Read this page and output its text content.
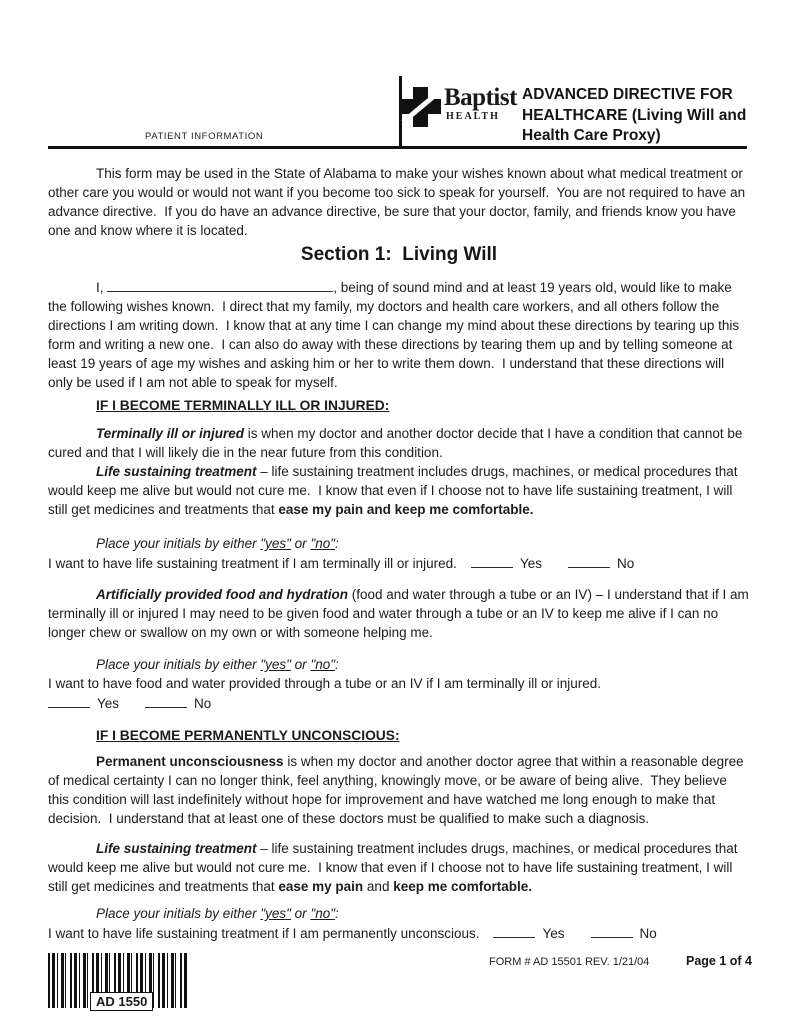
PATIENT INFORMATION
Baptist
HEALTH
ADVANCED DIRECTIVE FOR
HEALTHCARE (Living Will and
Health Care Proxy)

This form may be used in the State of Alabama to make your wishes known about what medical treatment or other care you would or would not want if you become too sick to speak for yourself.  You are not required to have an advance directive.  If you do have an advance directive, be sure that your doctor, family, and friends know you have one and know where it is located.

Section 1:  Living Will

I,	, being of sound mind and at least 19 years old, would like to make the following wishes known.  I direct that my family, my doctors and health care workers, and all others follow the directions I am writing down.  I know that at any time I can change my mind about these directions by tearing up this form and writing a new one.  I can also do away with these directions by tearing them up and by telling someone at least 19 years of age my wishes and asking him or her to write them down.  I understand that these directions will only be used if I am not able to speak for myself.

IF I BECOME TERMINALLY ILL OR INJURED:

Terminally ill or injured is when my doctor and another doctor decide that I have a condition that cannot be cured and that I will likely die in the near future from this condition.

Life sustaining treatment – life sustaining treatment includes drugs, machines, or medical procedures that would keep me alive but would not cure me.  I know that even if I choose not to have life sustaining treatment, I will still get medicines and treatments that ease my pain and keep me comfortable.

Place your initials by either "yes" or "no":
I want to have life sustaining treatment if I am terminally ill or injured.	Yes	No

Artificially provided food and hydration (food and water through a tube or an IV) – I understand that if I am terminally ill or injured I may need to be given food and water through a tube or an IV to keep me alive if I can no longer chew or swallow on my own or with someone helping me.

Place your initials by either "yes" or "no":
I want to have food and water provided through a tube or an IV if I am terminally ill or injured.
Yes	No
IF I BECOME PERMANENTLY UNCONSCIOUS:

Permanent unconsciousness is when my doctor and another doctor agree that within a reasonable degree of medical certainty I can no longer think, feel anything, knowingly move, or be aware of being alive.  They believe this condition will last indefinitely without hope for improvement and have watched me long enough to make that decision.  I understand that at least one of these doctors must be qualified to make such a diagnosis.

Life sustaining treatment – life sustaining treatment includes drugs, machines, or medical procedures that would keep me alive but would not cure me.  I know that even if I choose not to have life sustaining treatment, I will still get medicines and treatments that ease my pain and keep me comfortable.

Place your initials by either "yes" or "no":
I want to have life sustaining treatment if I am permanently unconscious.	Yes	No
AD 1550
FORM # AD 15501 REV. 1/21/04	Page 1 of 4
